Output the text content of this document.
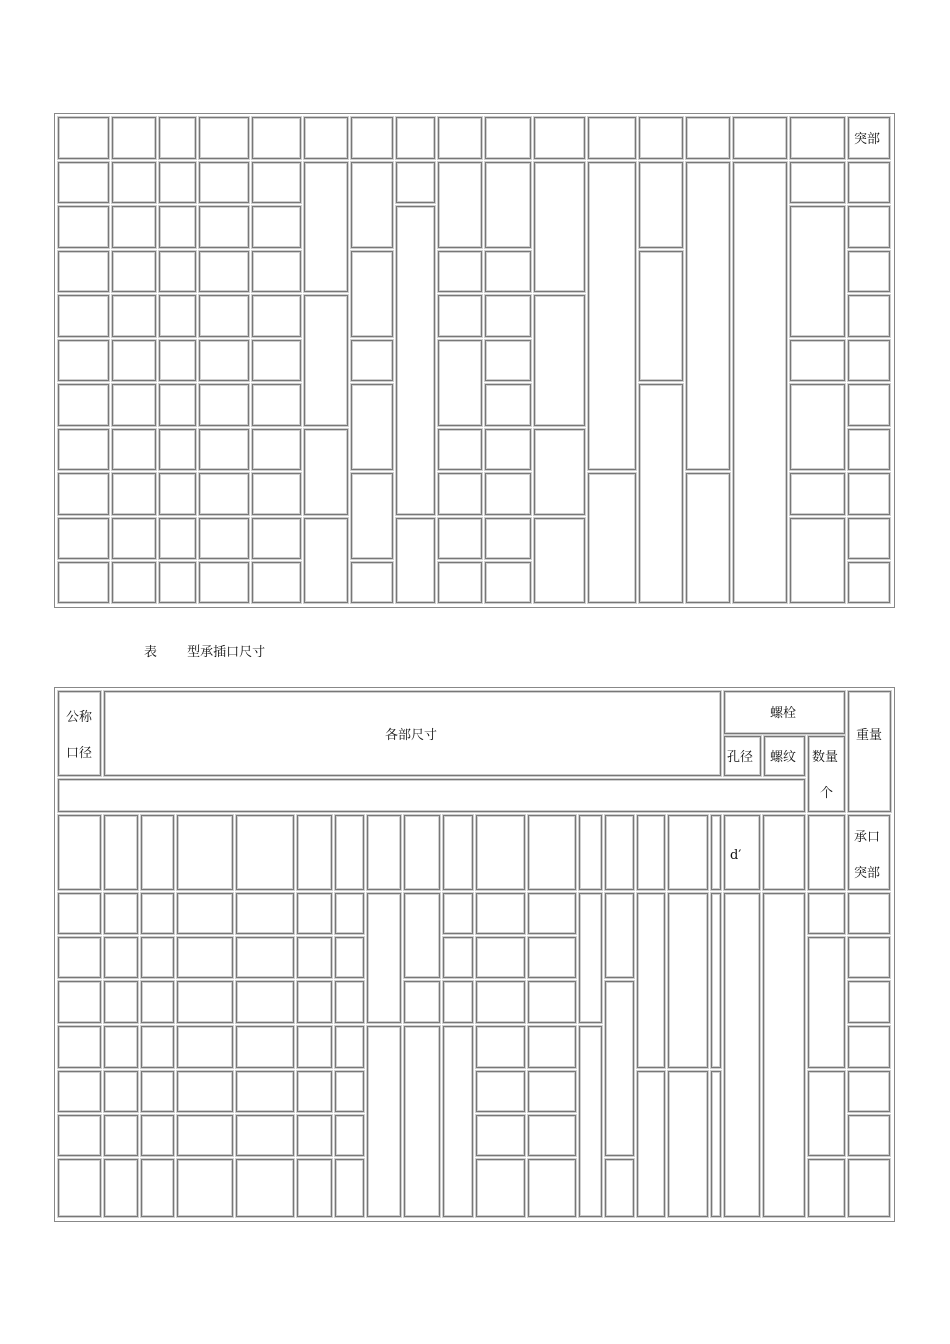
突部
表 型承插口尺寸
公称
口径
各部尺寸
螺栓
重量
孔径 螺纹 数量
个
d′
承口
突部
